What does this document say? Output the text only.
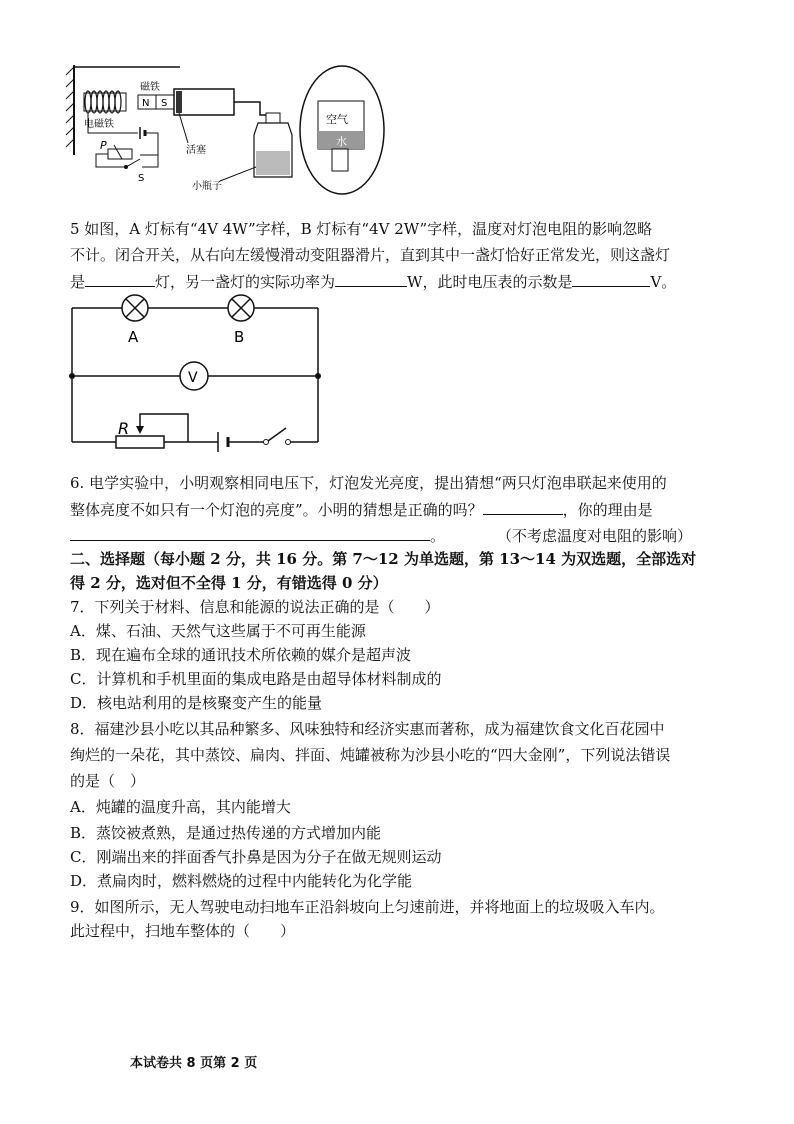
N S
磁铁
活塞
小瓶子
电磁铁
P
S
空气
水
5 如图，A 灯标有“4V 4W”字样，B 灯标有“4V 2W”字样，温度对灯泡电阻的影响忽略
不计。闭合开关，从右向左缓慢滑动变阻器滑片，直到其中一盏灯恰好正常发光，则这盏灯
是	灯，另一盏灯的实际功率为	W，此时电压表的示数是	V。
A	B
V
R
6. 电学实验中，小明观察相同电压下，灯泡发光亮度，提出猜想“两只灯泡串联起来使用的
整体亮度不如只有一个灯泡的亮度”。小明的猜想是正确的吗？	，你的理由是
。	（不考虑温度对电阻的影响）
二、选择题（每小题 2 分，共 16 分。第 7～12 为单选题，第 13～14 为双选题，全部选对
得 2 分，选对但不全得 1 分，有错选得 0 分）
7．下列关于材料、信息和能源的说法正确的是（　　）
A．煤、石油、天然气这些属于不可再生能源
B．现在遍布全球的通讯技术所依赖的媒介是超声波
C．计算机和手机里面的集成电路是由超导体材料制成的
D．核电站利用的是核聚变产生的能量
8．福建沙县小吃以其品种繁多、风味独特和经济实惠而著称，成为福建饮食文化百花园中
绚烂的一朵花，其中蒸饺、扁肉、拌面、炖罐被称为沙县小吃的“四大金刚”，下列说法错误
的是（　）
A．炖罐的温度升高，其内能增大
B．蒸饺被煮熟，是通过热传递的方式增加内能
C．刚端出来的拌面香气扑鼻是因为分子在做无规则运动
D．煮扁肉时，燃料燃烧的过程中内能转化为化学能
9．如图所示，无人驾驶电动扫地车正沿斜坡向上匀速前进，并将地面上的垃圾吸入车内。
此过程中，扫地车整体的（　　）
本试卷共 8 页第 2 页
